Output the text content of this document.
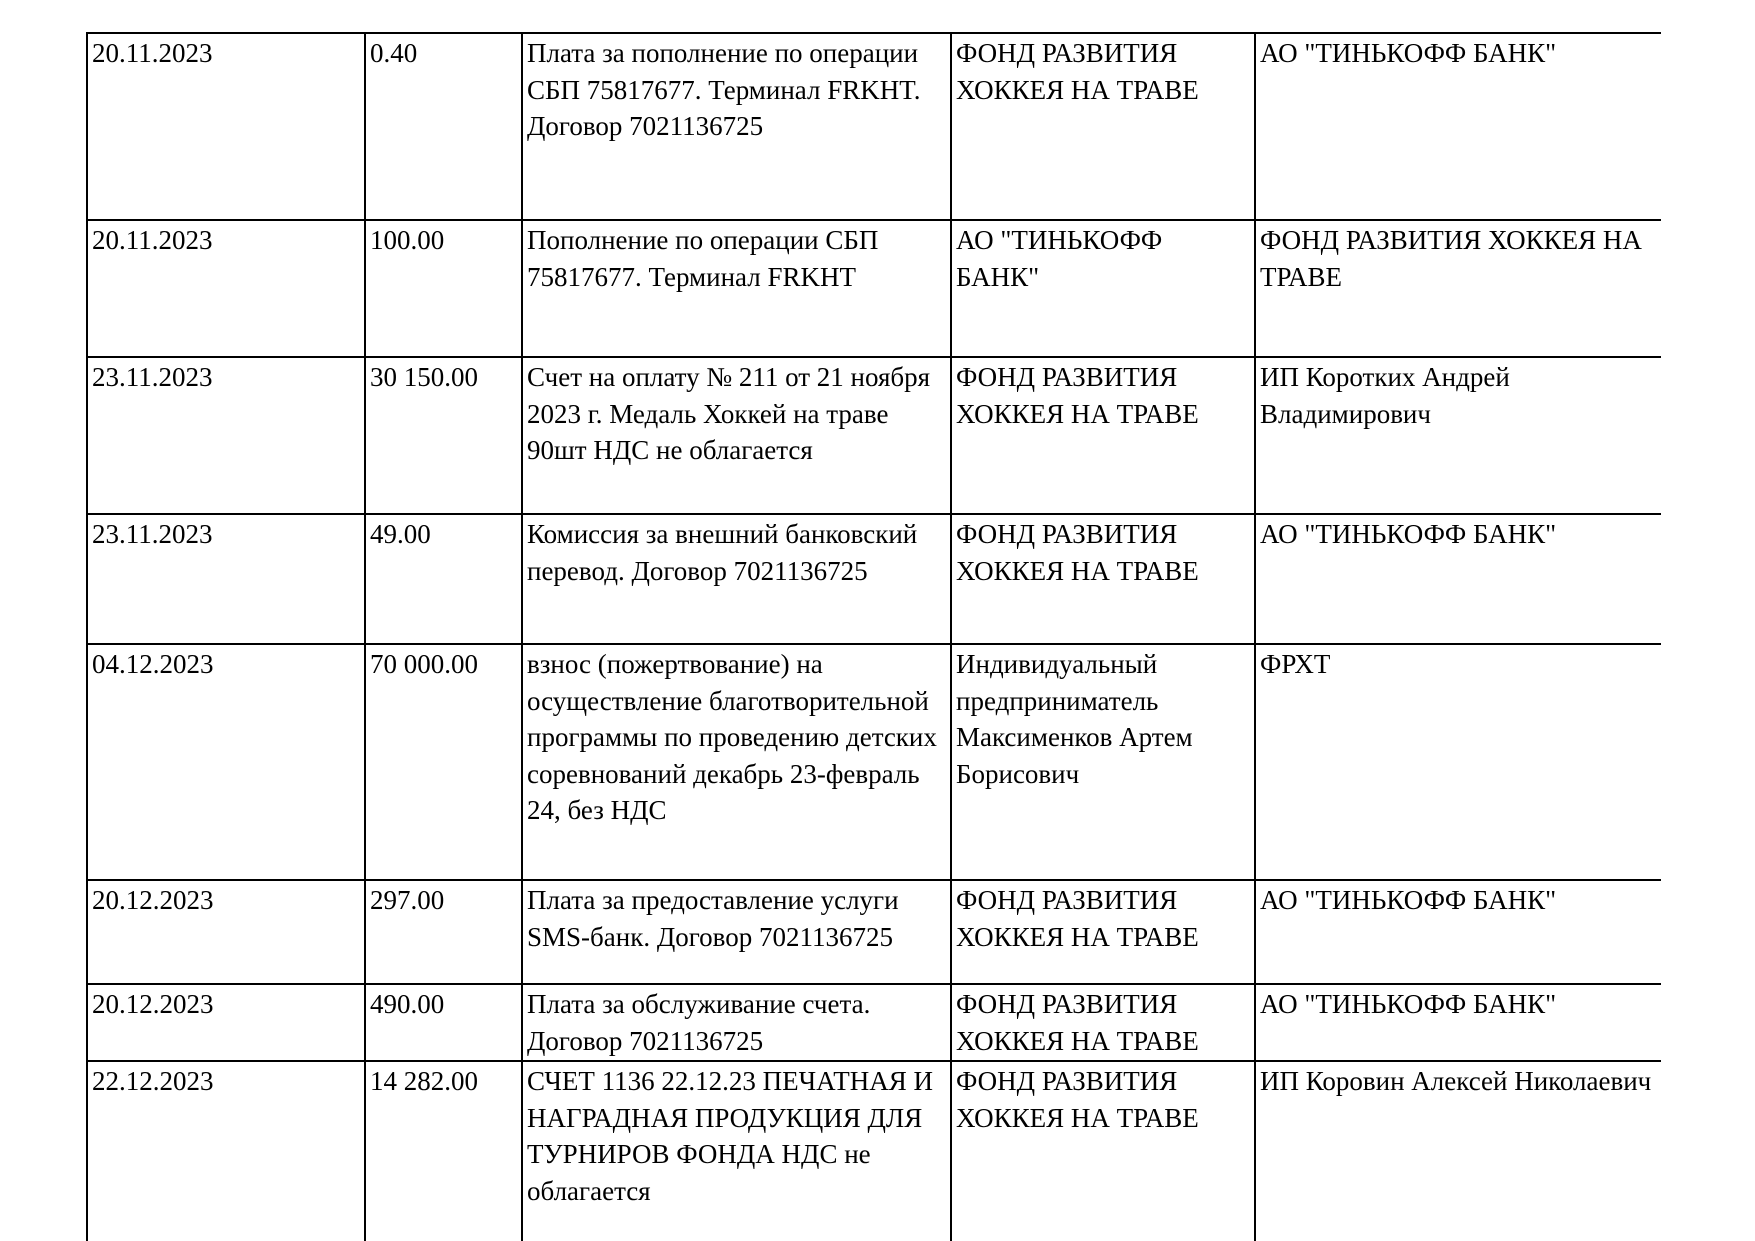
20.11.2023	0.40	Плата за пополнение по операции СБП 75817677. Терминал FRKHT. Договор 7021136725	ФОНД РАЗВИТИЯ ХОККЕЯ НА ТРАВЕ	АО "ТИНЬКОФФ БАНК"
20.11.2023	100.00	Пополнение по операции СБП 75817677. Терминал FRKHT	АО "ТИНЬКОФФ БАНК"	ФОНД РАЗВИТИЯ ХОККЕЯ НА ТРАВЕ
23.11.2023	30 150.00	Счет на оплату № 211 от 21 ноября 2023 г. Медаль Хоккей на траве 90шт НДС не облагается	ФОНД РАЗВИТИЯ ХОККЕЯ НА ТРАВЕ	ИП Коротких Андрей Владимирович
23.11.2023	49.00	Комиссия за внешний банковский перевод. Договор 7021136725	ФОНД РАЗВИТИЯ ХОККЕЯ НА ТРАВЕ	АО "ТИНЬКОФФ БАНК"
04.12.2023	70 000.00	взнос (пожертвование) на осуществление благотворительной программы по проведению детских соревнований декабрь 23-февраль 24, без НДС	Индивидуальный предприниматель Максименков Артем Борисович	ФРХТ
20.12.2023	297.00	Плата за предоставление услуги SMS-банк. Договор 7021136725	ФОНД РАЗВИТИЯ ХОККЕЯ НА ТРАВЕ	АО "ТИНЬКОФФ БАНК"
20.12.2023	490.00	Плата за обслуживание счета. Договор 7021136725	ФОНД РАЗВИТИЯ ХОККЕЯ НА ТРАВЕ	АО "ТИНЬКОФФ БАНК"
22.12.2023	14 282.00	СЧЕТ 1136 22.12.23 ПЕЧАТНАЯ И НАГРАДНАЯ ПРОДУКЦИЯ ДЛЯ ТУРНИРОВ ФОНДА НДС не облагается	ФОНД РАЗВИТИЯ ХОККЕЯ НА ТРАВЕ	ИП Коровин Алексей Николаевич
